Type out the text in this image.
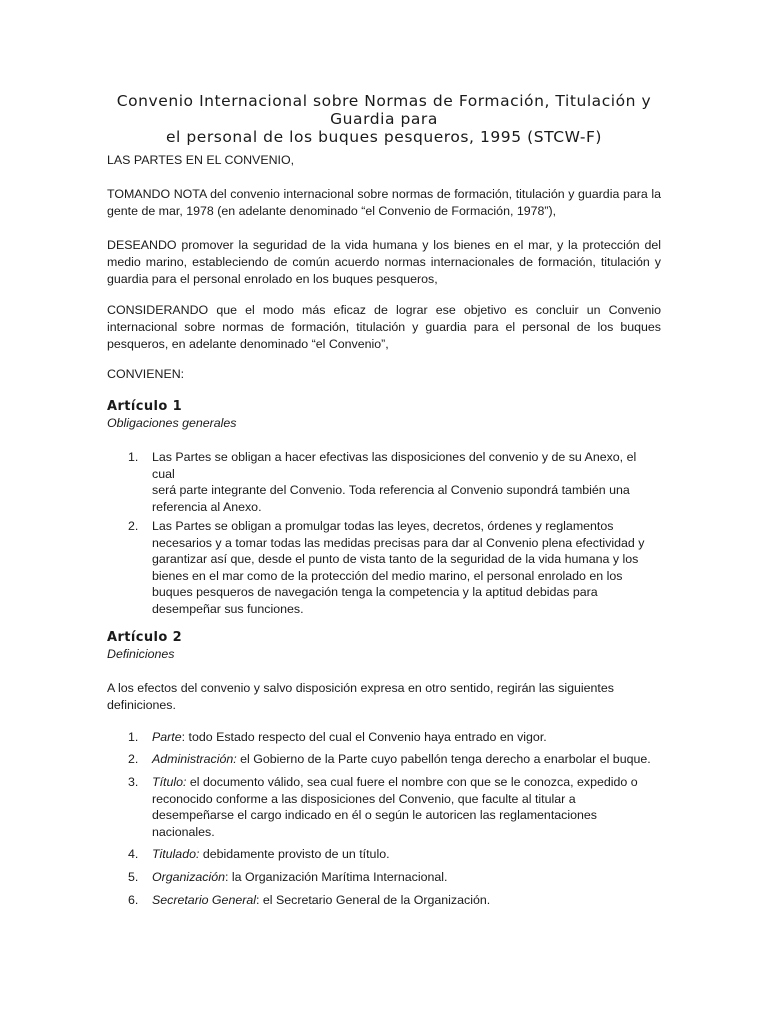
Convenio Internacional sobre Normas de Formación, Titulación y Guardia para
el personal de los buques pesqueros, 1995 (STCW-F)

LAS PARTES EN EL CONVENIO,

TOMANDO NOTA del convenio internacional sobre normas de formación, titulación y guardia para la gente de mar, 1978 (en adelante denominado “el Convenio de Formación, 1978”),

DESEANDO promover la seguridad de la vida humana y los bienes en el mar, y la protección del medio marino, estableciendo de común acuerdo normas internacionales de formación, titulación y guardia para el personal enrolado en los buques pesqueros,

CONSIDERANDO que el modo más eficaz de lograr ese objetivo es concluir un Convenio internacional sobre normas de formación, titulación y guardia para el personal de los buques pesqueros, en adelante denominado “el Convenio”,

CONVIENEN:

Artículo 1

Obligaciones generales

1. Las Partes se obligan a hacer efectivas las disposiciones del convenio y de su Anexo, el cual
será parte integrante del Convenio. Toda referencia al Convenio supondrá también una
referencia al Anexo.
2. Las Partes se obligan a promulgar todas las leyes, decretos, órdenes y reglamentos
necesarios y a tomar todas las medidas precisas para dar al Convenio plena efectividad y
garantizar así que, desde el punto de vista tanto de la seguridad de la vida humana y los
bienes en el mar como de la protección del medio marino, el personal enrolado en los
buques pesqueros de navegación tenga la competencia y la aptitud debidas para
desempeñar sus funciones.
Artículo 2

Definiciones

A los efectos del convenio y salvo disposición expresa en otro sentido, regirán las siguientes
definiciones.
1. Parte: todo Estado respecto del cual el Convenio haya entrado en vigor.
2. Administración: el Gobierno de la Parte cuyo pabellón tenga derecho a enarbolar el buque.
3. Título: el documento válido, sea cual fuere el nombre con que se le conozca, expedido o
reconocido conforme a las disposiciones del Convenio, que faculte al titular a
desempeñarse el cargo indicado en él o según le autoricen las reglamentaciones
nacionales.
4. Titulado: debidamente provisto de un título.
5. Organización: la Organización Marítima Internacional.
6. Secretario General: el Secretario General de la Organización.
